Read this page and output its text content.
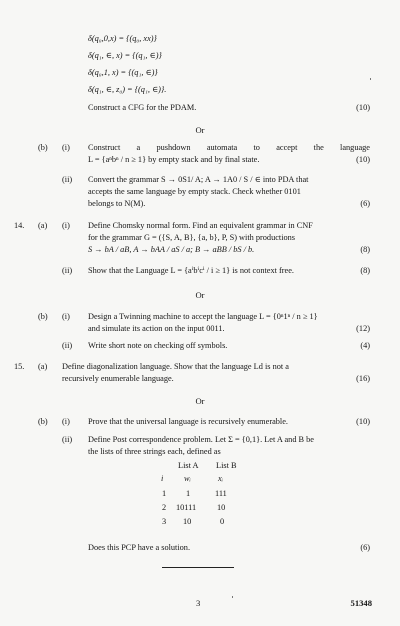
δ(q₀,0,x) = {(q₀, xx)}
δ(q₁, ∈, x) = {(q₁, ∈)}
δ(q₀,1, x) = {(q₁, ∈)}
δ(q₁, ∈, z₀) = {(q₁, ∈)}.
Construct a CFG for the PDAM.	(10)
Or
(b) (i) Construct a pushdown automata to accept the language
L = {aⁿbⁿ / n ≥ 1} by empty stack and by final state.	(10)
(ii) Convert the grammar S → 0S1/ A; A → 1A0 / S / ∈ into PDA that
accepts the same language by empty stack. Check whether 0101
belongs to N(M).	(6)
14. (a) (i) Define Chomsky normal form. Find an equivalent grammar in CNF
for the grammar G = ({S, A, B}, {a, b}, P, S) with productions
S → bA / aB, A → bAA / aS / a; B → aBB / bS / b.	(8)
(ii) Show that the Language L = {aⁱbⁱcⁱ / i ≥ 1} is not context free.	(8)
Or
(b) (i) Design a Twinning machine to accept the language L = {0ⁿ1ⁿ / n ≥ 1}
and simulate its action on the input 0011.	(12)
(ii) Write short note on checking off symbols.	(4)
15. (a) Define diagonalization language. Show that the language Ld is not a
recursively enumerable language.	(16)
Or
(b) (i) Prove that the universal language is recursively enumerable.	(10)
(ii) Define Post correspondence problem. Let Σ = {0,1}. Let A and B be
the lists of three strings each, defined as
List A List B
i wᵢ	xᵢ
1 1	111
2 10111	10
3 10	0
Does this PCP have a solution.	(6)
3	51348
